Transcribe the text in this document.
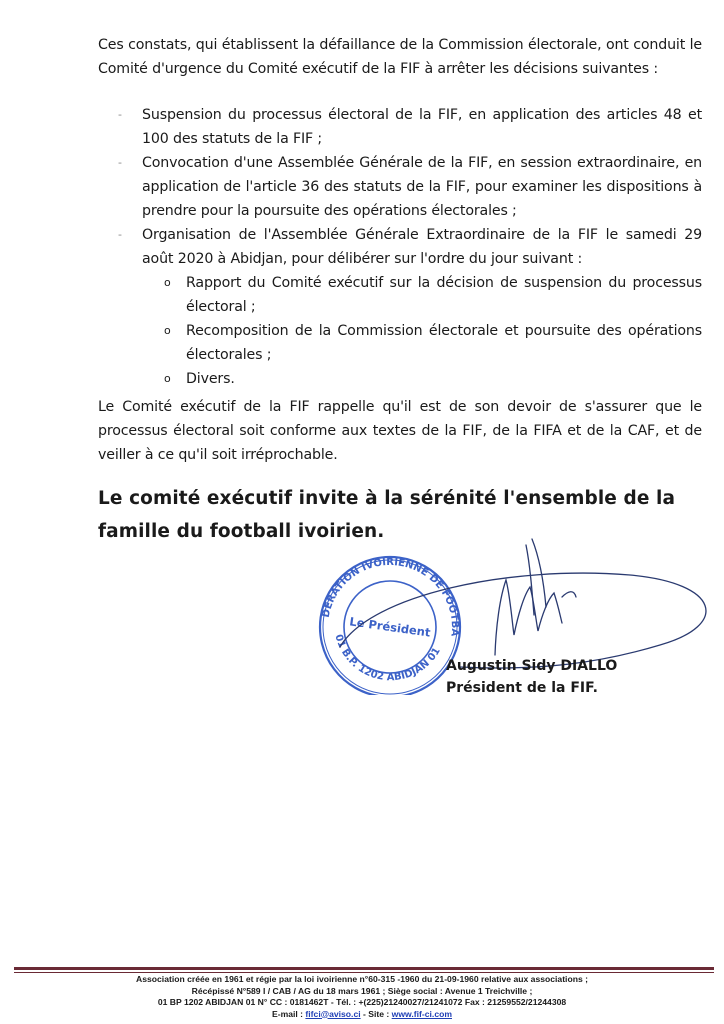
Ces constats, qui établissent la défaillance de la Commission électorale, ont conduit le Comité d'urgence du Comité exécutif de la FIF à arrêter les décisions suivantes :

- Suspension du processus électoral de la FIF, en application des articles 48 et 100 des statuts de la FIF ;
- Convocation d'une Assemblée Générale de la FIF, en session extraordinaire, en application de l'article 36 des statuts de la FIF, pour examiner les dispositions à prendre pour la poursuite des opérations électorales ;
- Organisation de l'Assemblée Générale Extraordinaire de la FIF le samedi 29 août 2020 à Abidjan, pour délibérer sur l'ordre du jour suivant :
o Rapport du Comité exécutif sur la décision de suspension du processus électoral ;
o Recomposition de la Commission électorale et poursuite des opérations électorales ;
o Divers.

Le Comité exécutif de la FIF rappelle qu'il est de son devoir de s'assurer que le processus électoral soit conforme aux textes de la FIF, de la FIFA et de la CAF, et de veiller à ce qu'il soit irréprochable.

Le comité exécutif invite à la sérénité l'ensemble de la famille du football ivoirien.

FEDERATION IVOIRIENNE DE FOOTBALL
01 B.P. 1202 ABIDJAN 01
Le Président
Augustin Sidy DIALLO
Président de la FIF.
Association créée en 1961 et régie par la loi ivoirienne n°60-315 -1960 du 21-09-1960 relative aux associations ;
Récépissé N°589 I / CAB / AG du 18 mars 1961 ; Siège social : Avenue 1 Treichville ;
01 BP 1202 ABIDJAN 01 N° CC : 0181462T - Tél. : +(225)21240027/21241072 Fax : 21259552/21244308
E-mail : fifci@aviso.ci - Site : www.fif-ci.com
